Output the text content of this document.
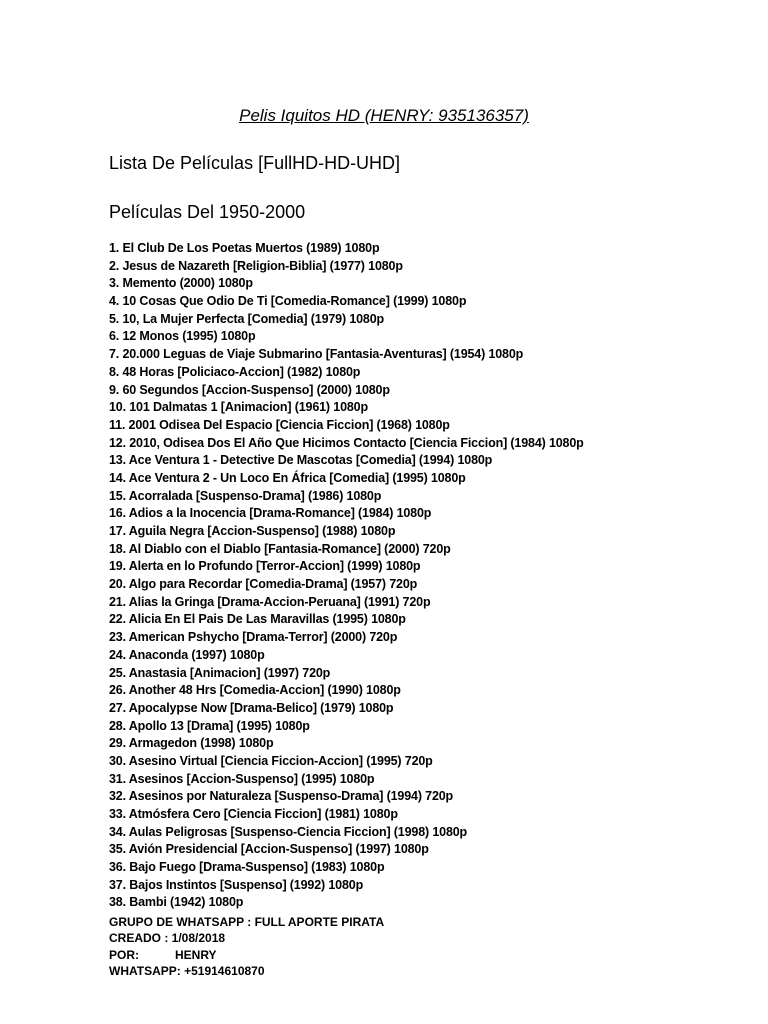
Pelis Iquitos HD (HENRY: 935136357)
Lista De Películas [FullHD-HD-UHD]
Películas Del 1950-2000
1. El Club De Los Poetas Muertos (1989) 1080p
2. Jesus de Nazareth [Religion-Biblia] (1977) 1080p
3. Memento (2000) 1080p
4. 10 Cosas Que Odio De Ti [Comedia-Romance] (1999) 1080p
5. 10, La Mujer Perfecta [Comedia] (1979) 1080p
6. 12 Monos (1995) 1080p
7. 20.000 Leguas de Viaje Submarino [Fantasia-Aventuras] (1954) 1080p
8. 48 Horas [Policiaco-Accion] (1982) 1080p
9. 60 Segundos [Accion-Suspenso] (2000) 1080p
10. 101 Dalmatas 1 [Animacion] (1961) 1080p
11. 2001 Odisea Del Espacio [Ciencia Ficcion] (1968) 1080p
12. 2010, Odisea Dos El Año Que Hicimos Contacto [Ciencia Ficcion] (1984) 1080p
13. Ace Ventura 1 - Detective De Mascotas [Comedia] (1994) 1080p
14. Ace Ventura 2 - Un Loco En África [Comedia] (1995) 1080p
15. Acorralada [Suspenso-Drama] (1986) 1080p
16. Adios a la Inocencia [Drama-Romance] (1984) 1080p
17. Aguila Negra [Accion-Suspenso] (1988) 1080p
18. Al Diablo con el Diablo [Fantasia-Romance] (2000) 720p
19. Alerta en lo Profundo [Terror-Accion] (1999) 1080p
20. Algo para Recordar [Comedia-Drama] (1957) 720p
21. Alias la Gringa [Drama-Accion-Peruana] (1991) 720p
22. Alicia En El Pais De Las Maravillas (1995) 1080p
23. American Pshycho [Drama-Terror] (2000) 720p
24. Anaconda (1997) 1080p
25. Anastasia [Animacion] (1997) 720p
26. Another 48 Hrs [Comedia-Accion] (1990) 1080p
27. Apocalypse Now [Drama-Belico] (1979) 1080p
28. Apollo 13 [Drama] (1995) 1080p
29. Armagedon (1998) 1080p
30. Asesino Virtual [Ciencia Ficcion-Accion] (1995) 720p
31. Asesinos [Accion-Suspenso] (1995) 1080p
32. Asesinos por Naturaleza [Suspenso-Drama] (1994) 720p
33. Atmósfera Cero [Ciencia Ficcion] (1981) 1080p
34. Aulas Peligrosas [Suspenso-Ciencia Ficcion] (1998) 1080p
35. Avión Presidencial [Accion-Suspenso] (1997) 1080p
36. Bajo Fuego [Drama-Suspenso] (1983) 1080p
37. Bajos Instintos [Suspenso] (1992) 1080p
38. Bambi (1942) 1080p
GRUPO DE WHATSAPP : FULL APORTE PIRATA
CREADO : 1/08/2018
POR:	HENRY
WHATSAPP: +51914610870
